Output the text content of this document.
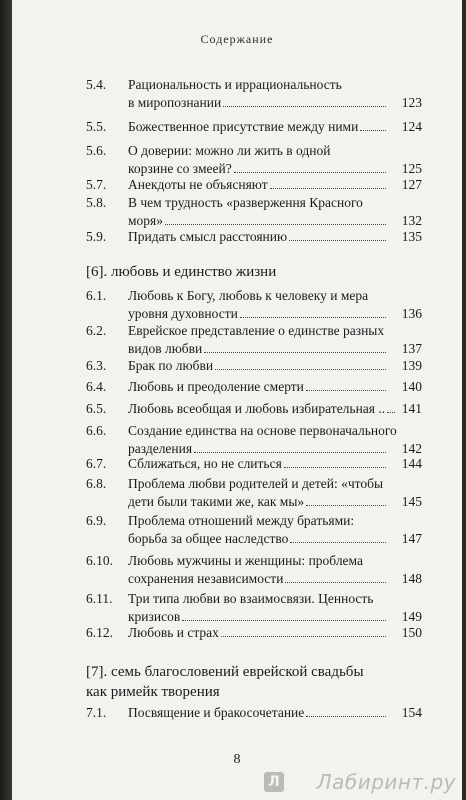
Содержание
5.4. Рациональность и иррациональность
в миропознании	123
5.5. Божественное присутствие между ними	124
5.6. О доверии: можно ли жить в одной
корзине со змеей?	125
5.7. Анекдоты не объясняют	127
5.8. В чем трудность «разверження Красного
моря»	132
5.9. Придать смысл расстоянию	135
6.1. Любовь к Богу, любовь к человеку и мера
уровня духовности	136
6.2. Еврейское представление о единстве разных
видов любви	137
6.3. Брак по любви	139
6.4. Любовь и преодоление смерти	140
6.5. Любовь всеобщая и любовь избирательная .. 141
6.6. Создание единства на основе первоначального
разделения	142
6.7. Сближаться, но не слиться	144
6.8. Проблема любви родителей и детей: «чтобы
дети были такими же, как мы»	145
6.9. Проблема отношений между братьями:
борьба за общее наследство	147
6.10. Любовь мужчины и женщины: проблема
сохранения независимости	148
6.11. Три типа любви во взаимосвязи. Ценность
кризисов	149
6.12. Любовь и страх	150
7.1. Посвящение и бракосочетание	154
[6]. любовь и единство жизни
[7]. семь благословений еврейской свадьбы
как римейк творения
8
Л Лабиринт.ру
